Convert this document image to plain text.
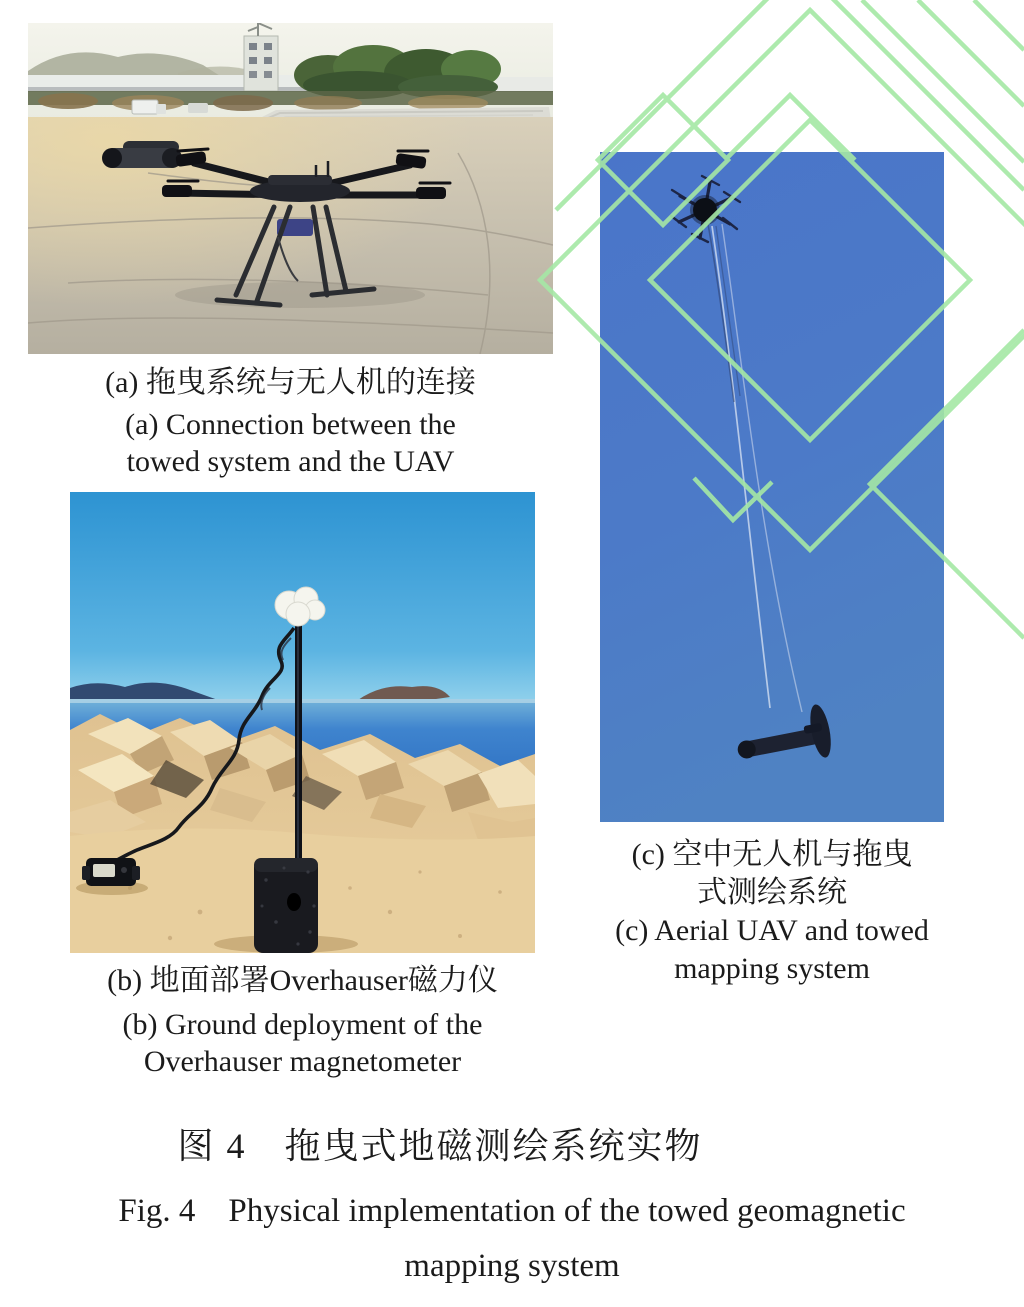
(a) 拖曳系统与无人机的连接
(a) Connection between the
towed system and the UAV
(b) 地面部署Overhauser磁力仪
(b) Ground deployment of the
Overhauser magnetometer
(c) 空中无人机与拖曳
式测绘系统
(c) Aerial UAV and towed
mapping system
图 4　拖曳式地磁测绘系统实物
Fig. 4　Physical implementation of the towed geomagnetic
mapping system
